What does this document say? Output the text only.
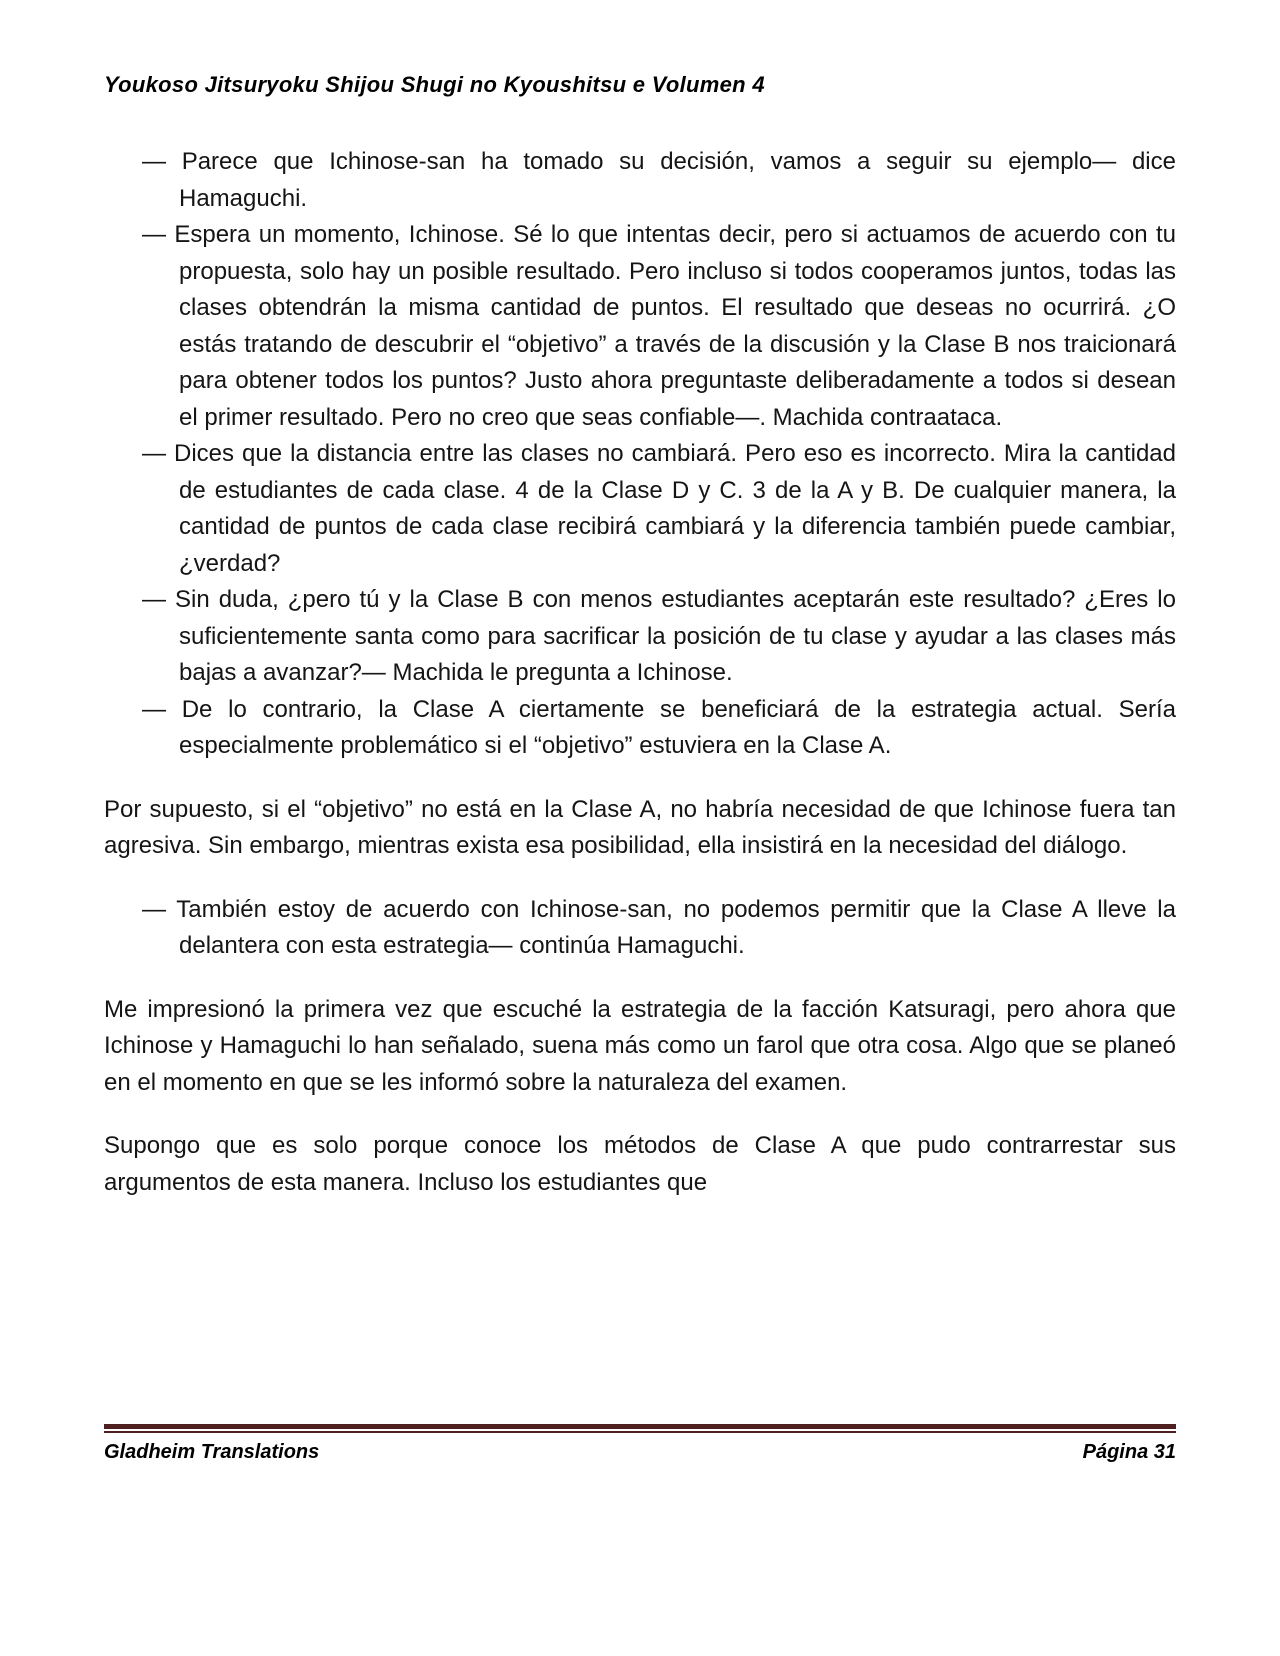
Youkoso Jitsuryoku Shijou Shugi no Kyoushitsu e Volumen 4

— Parece que Ichinose-san ha tomado su decisión, vamos a seguir su ejemplo— dice Hamaguchi.

— Espera un momento, Ichinose. Sé lo que intentas decir, pero si actuamos de acuerdo con tu propuesta, solo hay un posible resultado. Pero incluso si todos cooperamos juntos, todas las clases obtendrán la misma cantidad de puntos. El resultado que deseas no ocurrirá. ¿O estás tratando de descubrir el “objetivo” a través de la discusión y la Clase B nos traicionará para obtener todos los puntos? Justo ahora preguntaste deliberadamente a todos si desean el primer resultado. Pero no creo que seas confiable—. Machida contraataca.

— Dices que la distancia entre las clases no cambiará. Pero eso es incorrecto. Mira la cantidad de estudiantes de cada clase. 4 de la Clase D y C. 3 de la A y B. De cualquier manera, la cantidad de puntos de cada clase recibirá cambiará y la diferencia también puede cambiar, ¿verdad?

— Sin duda, ¿pero tú y la Clase B con menos estudiantes aceptarán este resultado? ¿Eres lo suficientemente santa como para sacrificar la posición de tu clase y ayudar a las clases más bajas a avanzar?— Machida le pregunta a Ichinose.

— De lo contrario, la Clase A ciertamente se beneficiará de la estrategia actual. Sería especialmente problemático si el “objetivo” estuviera en la Clase A.

Por supuesto, si el “objetivo” no está en la Clase A, no habría necesidad de que Ichinose fuera tan agresiva. Sin embargo, mientras exista esa posibilidad, ella insistirá en la necesidad del diálogo.

— También estoy de acuerdo con Ichinose-san, no podemos permitir que la Clase A lleve la delantera con esta estrategia— continúa Hamaguchi.

Me impresionó la primera vez que escuché la estrategia de la facción Katsuragi, pero ahora que Ichinose y Hamaguchi lo han señalado, suena más como un farol que otra cosa. Algo que se planeó en el momento en que se les informó sobre la naturaleza del examen.

Supongo que es solo porque conoce los métodos de Clase A que pudo contrarrestar sus argumentos de esta manera. Incluso los estudiantes que

Gladheim Translations	Página 31
